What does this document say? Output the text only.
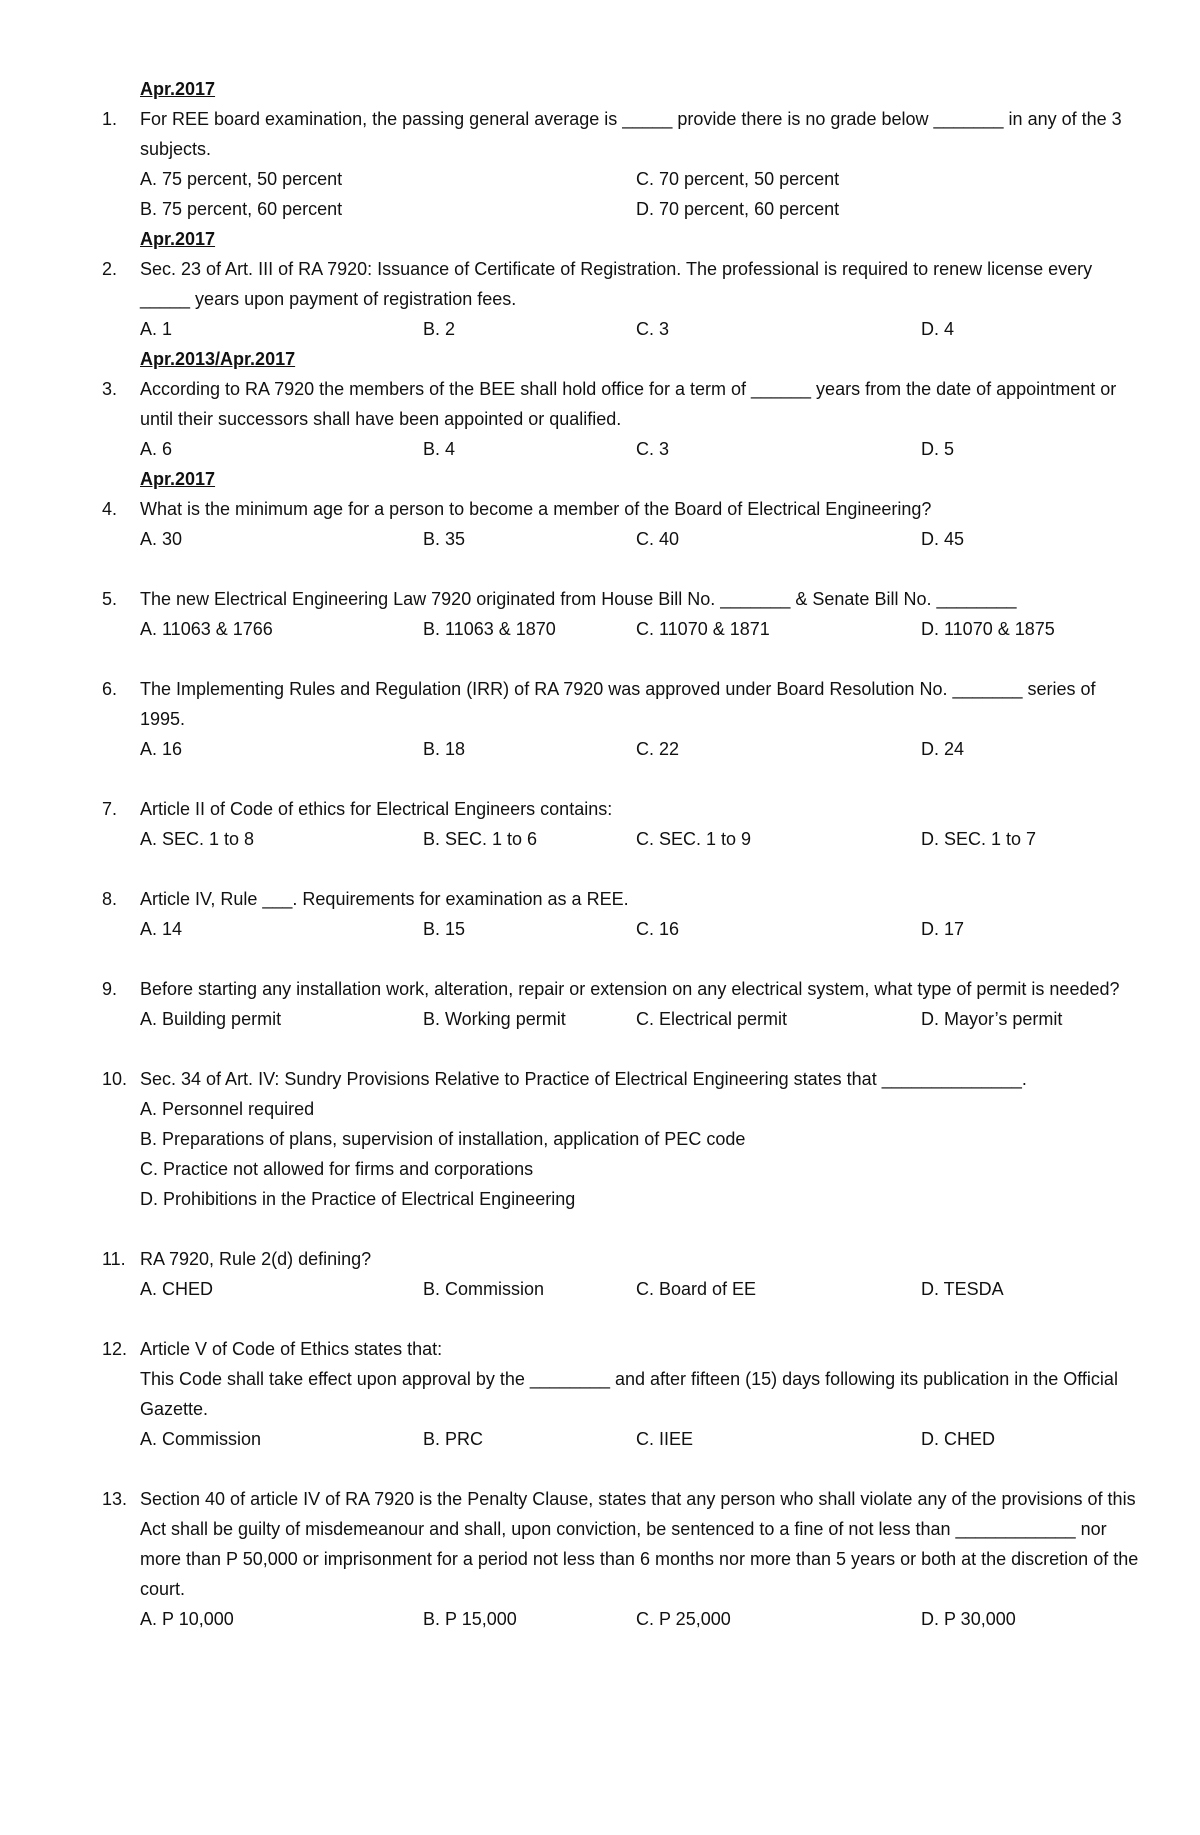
Apr.2017
1.	For REE board examination, the passing general average is _____ provide there is no grade below _______ in any of the 3 subjects.
A. 75 percent, 50 percent	C. 70 percent, 50 percent
B. 75 percent, 60 percent	D. 70 percent, 60 percent
Apr.2017
2.	Sec. 23 of Art. III of RA 7920: Issuance of Certificate of Registration. The professional is required to renew license every _____ years upon payment of registration fees.
A. 1	B. 2	C. 3	D. 4
Apr.2013/Apr.2017
3.	According to RA 7920 the members of the BEE shall hold office for a term of ______ years from the date of appointment or until their successors shall have been appointed or qualified.
A. 6	B. 4	C. 3	D. 5
Apr.2017
4.	What is the minimum age for a person to become a member of the Board of Electrical Engineering?
A. 30	B. 35	C. 40	D. 45
5.	The new Electrical Engineering Law 7920 originated from House Bill No. _______ & Senate Bill No. ________
A. 11063 & 1766	B. 11063 & 1870	C. 11070 & 1871	D. 11070 & 1875
6.	The Implementing Rules and Regulation (IRR) of RA 7920 was approved under Board Resolution No. _______ series of 1995.
A. 16	B. 18	C. 22	D. 24
7.	Article II of Code of ethics for Electrical Engineers contains:
A. SEC. 1 to 8	B. SEC. 1 to 6	C. SEC. 1 to 9	D. SEC. 1 to 7
8.	Article IV, Rule ___. Requirements for examination as a REE.
A. 14	B. 15	C. 16	D. 17
9.	Before starting any installation work, alteration, repair or extension on any electrical system, what type of permit is needed?
A. Building permit	B. Working permit	C. Electrical permit	D. Mayor’s permit
10. Sec. 34 of Art. IV: Sundry Provisions Relative to Practice of Electrical Engineering states that ______________.
A. Personnel required
B. Preparations of plans, supervision of installation, application of PEC code
C. Practice not allowed for firms and corporations
D. Prohibitions in the Practice of Electrical Engineering
11. RA 7920, Rule 2(d) defining?
A. CHED	B. Commission	C. Board of EE	D. TESDA
12. Article V of Code of Ethics states that:
This Code shall take effect upon approval by the ________ and after fifteen (15) days following its publication in the Official Gazette.
A. Commission	B. PRC	C. IIEE	D. CHED
13. Section 40 of article IV of RA 7920 is the Penalty Clause, states that any person who shall violate any of the provisions of this Act shall be guilty of misdemeanour and shall, upon conviction, be sentenced to a fine of not less than ____________ nor more than P 50,000 or imprisonment for a period not less than 6 months nor more than 5 years or both at the discretion of the court.
A. P 10,000	B. P 15,000	C. P 25,000	D. P 30,000
